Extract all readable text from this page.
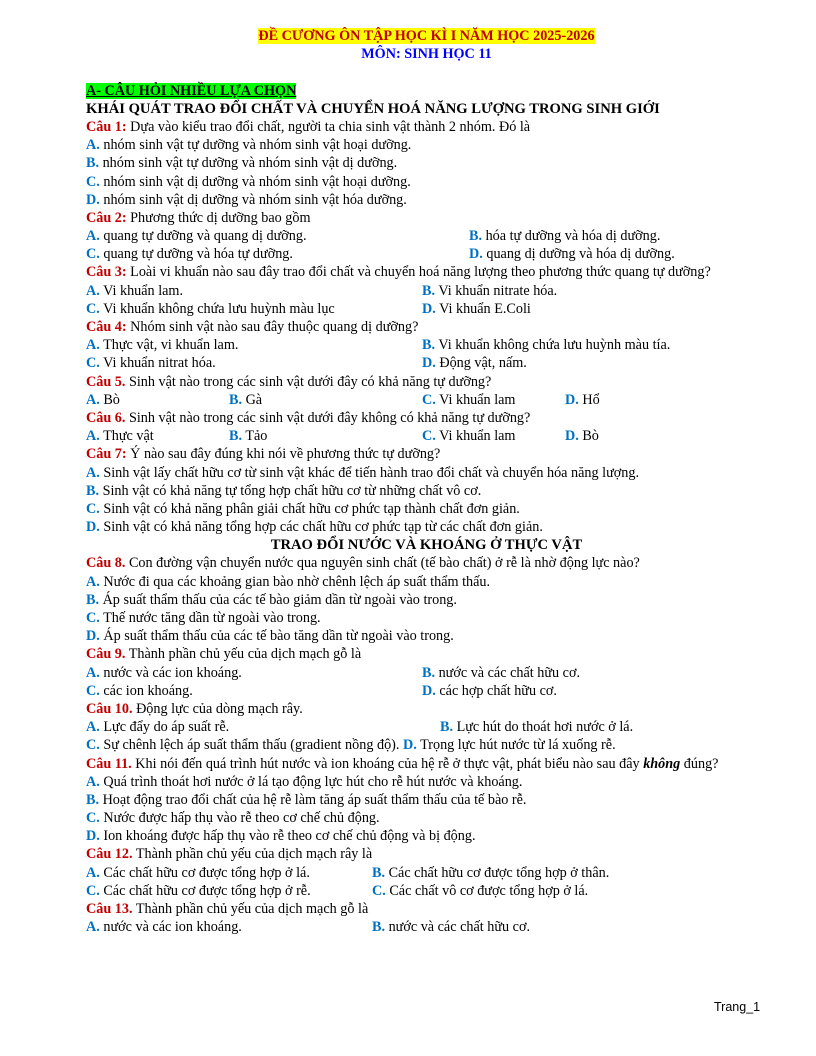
ĐỀ CƯƠNG ÔN TẬP HỌC KÌ I NĂM HỌC 2025-2026
MÔN: SINH HỌC 11
A- CÂU HỎI NHIỀU LỰA CHỌN
KHÁI QUÁT TRAO ĐỔI CHẤT VÀ CHUYỂN HOÁ NĂNG LƯỢNG TRONG SINH GIỚI
Câu 1: Dựa vào kiểu trao đổi chất, người ta chia sinh vật thành 2 nhóm. Đó là
A. nhóm sinh vật tự dưỡng và nhóm sinh vật hoại dưỡng.
B. nhóm sinh vật tự dưỡng và nhóm sinh vật dị dưỡng.
C. nhóm sinh vật dị dưỡng và nhóm sinh vật hoại dưỡng.
D. nhóm sinh vật dị dưỡng và nhóm sinh vật hóa dưỡng.
Câu 2: Phương thức dị dưỡng bao gồm
A. quang tự dưỡng và quang dị dưỡng.	B. hóa tự dưỡng và hóa dị dưỡng.
C. quang tự dưỡng và hóa tự dưỡng.	D. quang dị dưỡng và hóa dị dưỡng.
Câu 3: Loài vi khuẩn nào sau đây trao đổi chất và chuyển hoá năng lượng theo phương thức quang tự dưỡng?
A. Vi khuẩn lam.	B. Vi khuẩn nitrate hóa.
C. Vi khuẩn không chứa lưu huỳnh màu lục	D. Vi khuẩn E.Coli
Câu 4: Nhóm sinh vật nào sau đây thuộc quang dị dưỡng?
A. Thực vật, vi khuẩn lam.	B. Vi khuẩn không chứa lưu huỳnh màu tía.
C. Vi khuẩn nitrat hóa.	D. Động vật, nấm.
Câu 5. Sinh vật nào trong các sinh vật dưới đây có khả năng tự dưỡng?
A. Bò	B. Gà	C. Vi khuẩn lam	D. Hổ
Câu 6. Sinh vật nào trong các sinh vật dưới đây không có khả năng tự dưỡng?
A. Thực vật	B. Tảo	C. Vi khuẩn lam	D. Bò
Câu 7: Ý nào sau đây đúng khi nói về phương thức tự dưỡng?
A. Sinh vật lấy chất hữu cơ từ sinh vật khác để tiến hành trao đổi chất và chuyển hóa năng lượng.
B. Sinh vật có khả năng tự tổng hợp chất hữu cơ từ những chất vô cơ.
C. Sinh vật có khả năng phân giải chất hữu cơ phức tạp thành chất đơn giản.
D. Sinh vật có khả năng tổng hợp các chất hữu cơ phức tạp từ các chất đơn giản.
TRAO ĐỔI NƯỚC VÀ KHOÁNG Ở THỰC VẬT
Câu 8. Con đường vận chuyển nước qua nguyên sinh chất (tế bào chất) ở rễ là nhờ động lực nào?
A. Nước đi qua các khoảng gian bào nhờ chênh lệch áp suất thẩm thấu.
B. Áp suất thẩm thấu của các tế bào giảm dần từ ngoài vào trong.
C. Thế nước tăng dần từ ngoài vào trong.
D. Áp suất thẩm thấu của các tế bào tăng dần từ ngoài vào trong.
Câu 9. Thành phần chủ yếu của dịch mạch gỗ là
A. nước và các ion khoáng.	B. nước và các chất hữu cơ.
C. các ion khoáng.	D. các hợp chất hữu cơ.
Câu 10. Động lực của dòng mạch rây.
A. Lực đẩy do áp suất rễ.	B. Lực hút do thoát hơi nước ở lá.
C. Sự chênh lệch áp suất thẩm thấu (gradient nồng độ). D. Trọng lực hút nước từ lá xuống rễ.
Câu 11. Khi nói đến quá trình hút nước và ion khoáng của hệ rễ ở thực vật, phát biểu nào sau đây không đúng?
A. Quá trình thoát hơi nước ở lá tạo động lực hút cho rễ hút nước và khoáng.
B. Hoạt động trao đổi chất của hệ rễ làm tăng áp suất thẩm thấu của tế bào rễ.
C. Nước được hấp thụ vào rễ theo cơ chế chủ động.
D. Ion khoáng được hấp thụ vào rễ theo cơ chế chủ động và bị động.
Câu 12. Thành phần chủ yếu của dịch mạch rây là
A. Các chất hữu cơ được tổng hợp ở lá.	B. Các chất hữu cơ được tổng hợp ở thân.
C. Các chất hữu cơ được tổng hợp ở rễ.	C. Các chất vô cơ được tổng hợp ở lá.
Câu 13. Thành phần chủ yếu của dịch mạch gỗ là
A. nước và các ion khoáng.	B. nước và các chất hữu cơ.
Trang_1
